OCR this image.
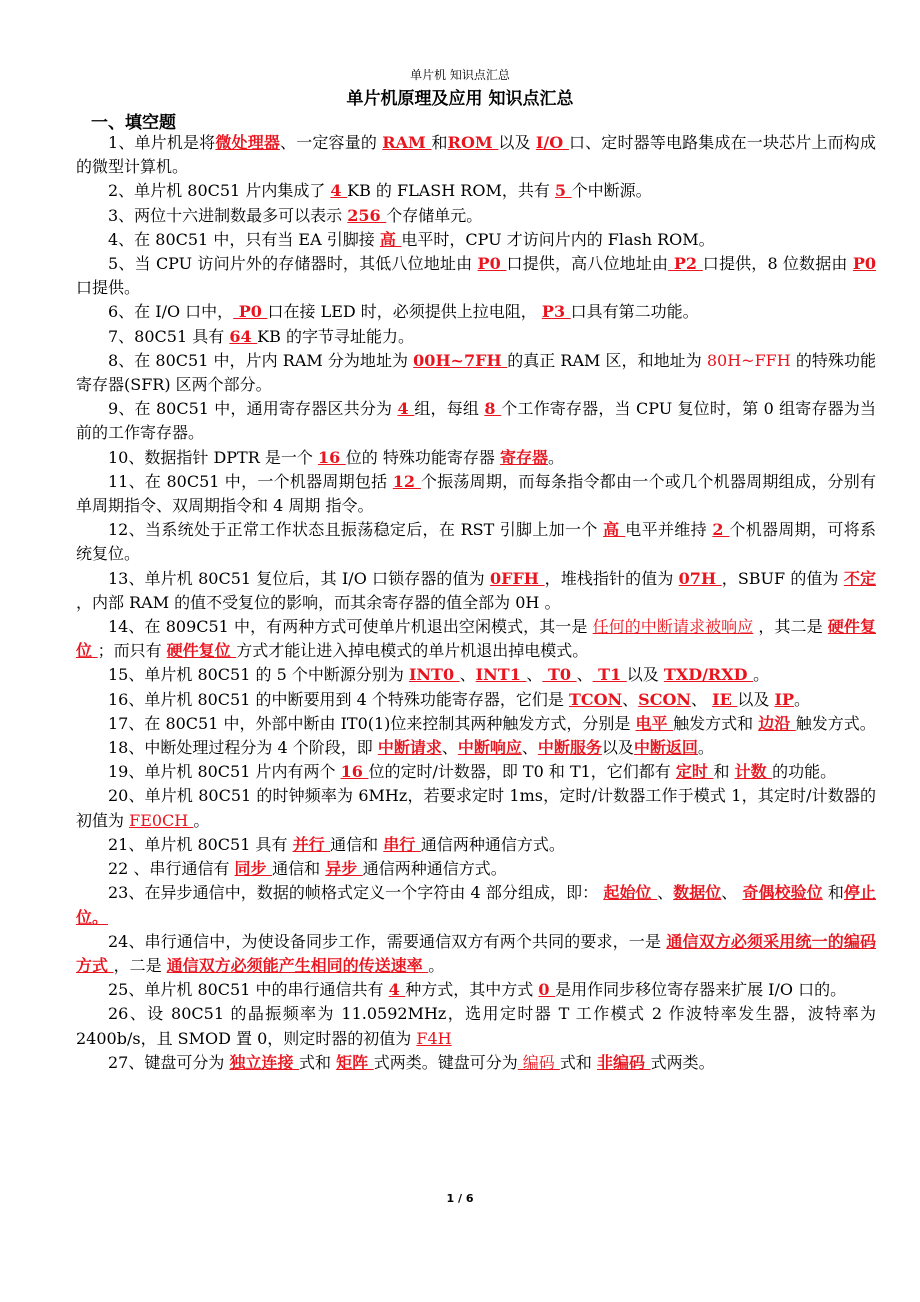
单片机 知识点汇总
单片机原理及应用 知识点汇总
一、填空题

1、单片机是将微处理器、一定容量的 RAM 和ROM 以及 I/O 口、定时器等电路集成在一块芯片上而构成的微型计算机。

2、单片机 80C51 片内集成了 4 KB 的 FLASH ROM，共有 5 个中断源。

3、两位十六进制数最多可以表示 256 个存储单元。

4、在 80C51 中，只有当 EA 引脚接 高 电平时，CPU 才访问片内的 Flash ROM。

5、当 CPU 访问片外的存储器时，其低八位地址由 P0 口提供，高八位地址由 P2 口提供，8 位数据由 P0 口提供。

6、在 I/O 口中， P0 口在接 LED 时，必须提供上拉电阻， P3 口具有第二功能。

7、80C51 具有 64 KB 的字节寻址能力。

8、在 80C51 中，片内 RAM 分为地址为 00H~7FH 的真正 RAM 区，和地址为 80H~FFH 的特殊功能寄存器(SFR) 区两个部分。

9、在 80C51 中，通用寄存器区共分为 4 组，每组 8 个工作寄存器，当 CPU 复位时，第 0 组寄存器为当前的工作寄存器。

10、数据指针 DPTR 是一个 16 位的 特殊功能寄存器 寄存器。

11、在 80C51 中，一个机器周期包括 12 个振荡周期，而每条指令都由一个或几个机器周期组成，分别有单周期指令、双周期指令和 4 周期 指令。

12、当系统处于正常工作状态且振荡稳定后，在 RST 引脚上加一个 高 电平并维持 2 个机器周期，可将系统复位。

13、单片机 80C51 复位后，其 I/O 口锁存器的值为 0FFH ，堆栈指针的值为 07H ，SBUF 的值为 不定 ，内部 RAM 的值不受复位的影响，而其余寄存器的值全部为 0H 。

14、在 809C51 中，有两种方式可使单片机退出空闲模式，其一是 任何的中断请求被响应 ，其二是 硬件复位 ；而只有 硬件复位 方式才能让进入掉电模式的单片机退出掉电模式。

15、单片机 80C51 的 5 个中断源分别为 INT0 、INT1 、 T0 、 T1 以及 TXD/RXD 。

16、单片机 80C51 的中断要用到 4 个特殊功能寄存器，它们是 TCON、SCON、 IE 以及 IP。

17、在 80C51 中，外部中断由 IT0(1)位来控制其两种触发方式，分别是 电平 触发方式和 边沿 触发方式。

18、中断处理过程分为 4 个阶段，即 中断请求、中断响应、中断服务以及中断返回。

19、单片机 80C51 片内有两个 16 位的定时/计数器，即 T0 和 T1，它们都有 定时 和 计数 的功能。

20、单片机 80C51 的时钟频率为 6MHz，若要求定时 1ms，定时/计数器工作于模式 1，其定时/计数器的初值为 FE0CH 。

21、单片机 80C51 具有 并行 通信和 串行 通信两种通信方式。

22 、串行通信有 同步 通信和 异步 通信两种通信方式。

23、在异步通信中，数据的帧格式定义一个字符由 4 部分组成，即： 起始位 、数据位、 奇偶校验位 和停止位。

24、串行通信中，为使设备同步工作，需要通信双方有两个共同的要求，一是 通信双方必须采用统一的编码方式 ，二是 通信双方必须能产生相同的传送速率 。

25、单片机 80C51 中的串行通信共有 4 种方式，其中方式 0 是用作同步移位寄存器来扩展 I/O 口的。

26、设 80C51 的晶振频率为 11.0592MHz，选用定时器 T 工作模式 2 作波特率发生器，波特率为 2400b/s，且 SMOD 置 0，则定时器的初值为 F4H

27、键盘可分为 独立连接 式和 矩阵 式两类。键盘可分为 编码 式和 非编码 式两类。

1 / 6
